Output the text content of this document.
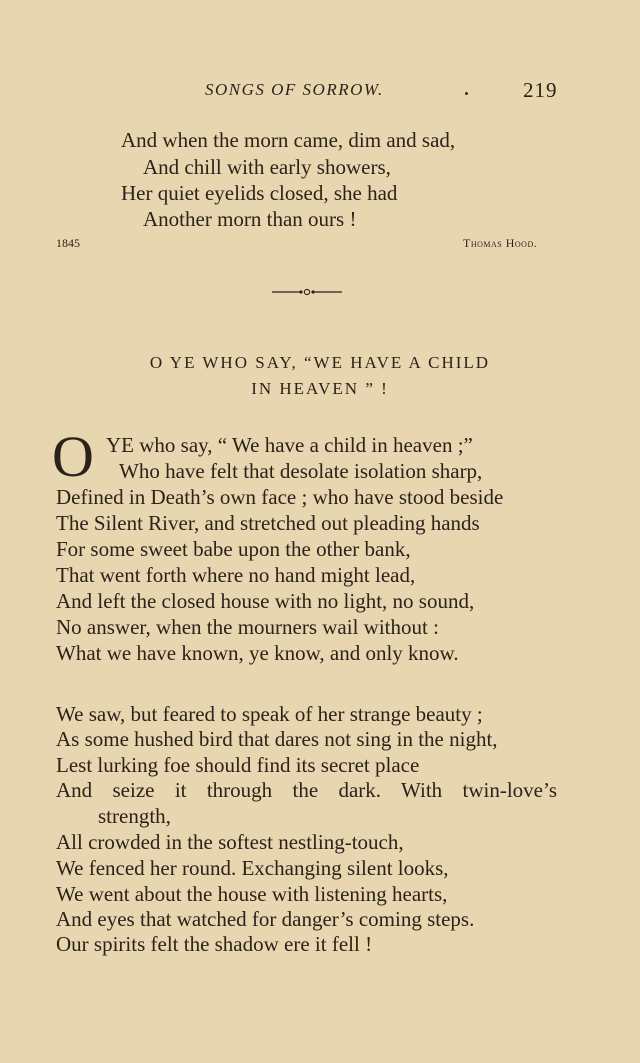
SONGS OF SORROW.	219
And when the morn came, dim and sad,
And chill with early showers,
Her quiet eyelids closed, she had
Another morn than ours !
1845	Thomas Hood.
O YE WHO SAY, “WE HAVE A CHILD
IN HEAVEN ” !
O YE who say, “ We have a child in heaven ;”
Who have felt that desolate isolation sharp,
Defined in Death’s own face ; who have stood beside
The Silent River, and stretched out pleading hands
For some sweet babe upon the other bank,
That went forth where no hand might lead,
And left the closed house with no light, no sound,
No answer, when the mourners wail without :
What we have known, ye know, and only know.
We saw, but feared to speak of her strange beauty ;
As some hushed bird that dares not sing in the night,
Lest lurking foe should find its secret place
And seize it through the dark. With twin-love’s
strength,
All crowded in the softest nestling-touch,
We fenced her round. Exchanging silent looks,
We went about the house with listening hearts,
And eyes that watched for danger’s coming steps.
Our spirits felt the shadow ere it fell !
